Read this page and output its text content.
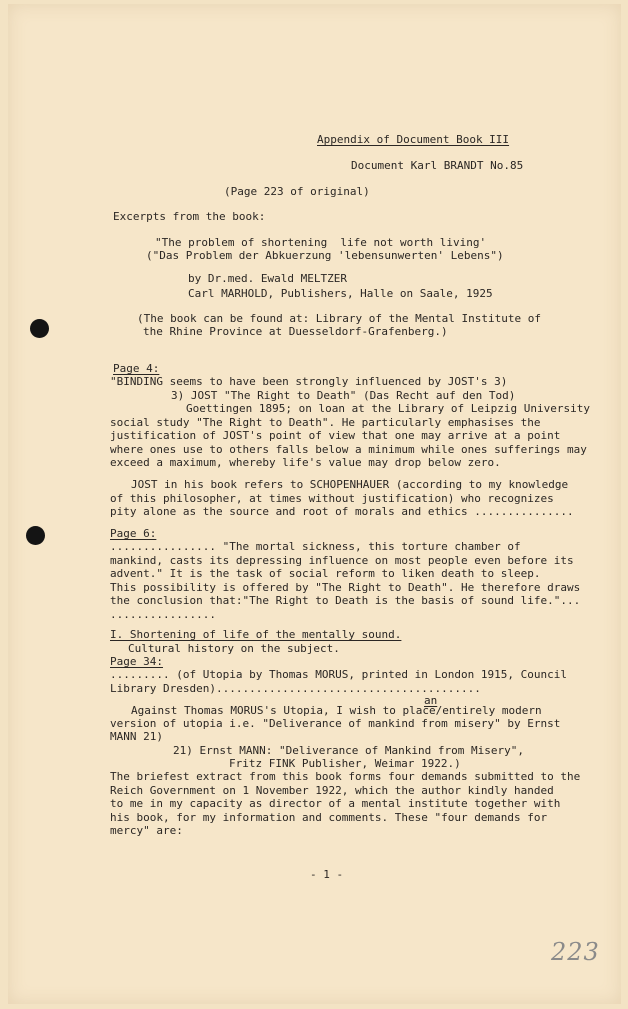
Appendix of Document Book III
Document Karl BRANDT No.85
(Page 223 of original)
Excerpts from the book:
"The problem of shortening  life not worth living'
("Das Problem der Abkuerzung 'lebensunwerten' Lebens")
by Dr.med. Ewald MELTZER
Carl MARHOLD, Publishers, Halle on Saale, 1925
(The book can be found at: Library of the Mental Institute of
the Rhine Province at Duesseldorf-Grafenberg.)
Page 4:
"BINDING seems to have been strongly influenced by JOST's 3)
3) JOST "The Right to Death" (Das Recht auf den Tod)
Goettingen 1895; on loan at the Library of Leipzig University
social study "The Right to Death". He particularly emphasises the
justification of JOST's point of view that one may arrive at a point
where ones use to others falls below a minimum while ones sufferings may
exceed a maximum, whereby life's value may drop below zero.
JOST in his book refers to SCHOPENHAUER (according to my knowledge
of this philosopher, at times without justification) who recognizes
pity alone as the source and root of morals and ethics ...............
Page 6:
................ "The mortal sickness, this torture chamber of
mankind, casts its depressing influence on most people even before its
advent." It is the task of social reform to liken death to sleep.
This possibility is offered by "The Right to Death". He therefore draws
the conclusion that:"The Right to Death is the basis of sound life."...
................
I. Shortening of life of the mentally sound.
Cultural history on the subject.
Page 34:
......... (of Utopia by Thomas MORUS, printed in London 1915, Council
Library Dresden)........................................
an
Against Thomas MORUS's Utopia, I wish to place/entirely modern
version of utopia i.e. "Deliverance of mankind from misery" by Ernst
MANN 21)
21) Ernst MANN: "Deliverance of Mankind from Misery",
Fritz FINK Publisher, Weimar 1922.)
The briefest extract from this book forms four demands submitted to the
Reich Government on 1 November 1922, which the author kindly handed
to me in my capacity as director of a mental institute together with
his book, for my information and comments. These "four demands for
mercy" are:
- 1 -
223
